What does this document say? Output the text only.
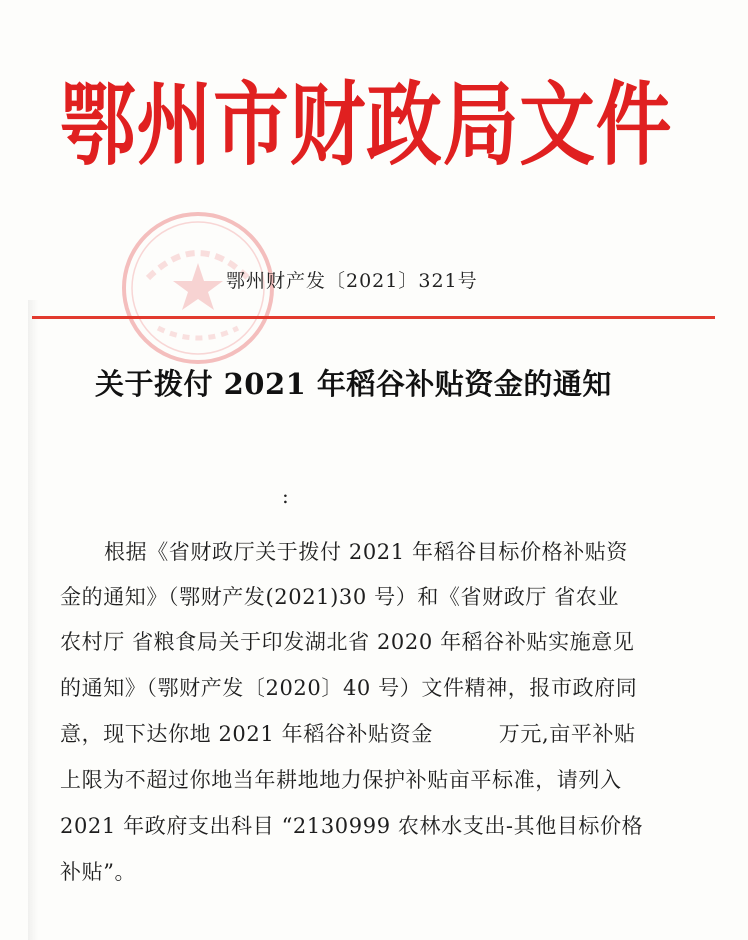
鄂州市财政局文件
鄂州财产发〔2021〕321号
关于拨付 2021 年稻谷补贴资金的通知
:
根据《省财政厅关于拨付 2021 年稻谷目标价格补贴资
金的通知》（鄂财产发(2021)30 号）和《省财政厅 省农业
农村厅 省粮食局关于印发湖北省 2020 年稻谷补贴实施意见
的通知》（鄂财产发〔2020〕40 号）文件精神，报市政府同
意，现下达你地 2021 年稻谷补贴资金	万元,亩平补贴
上限为不超过你地当年耕地地力保护补贴亩平标准，请列入
2021 年政府支出科目 “2130999 农林水支出-其他目标价格
补贴”。
